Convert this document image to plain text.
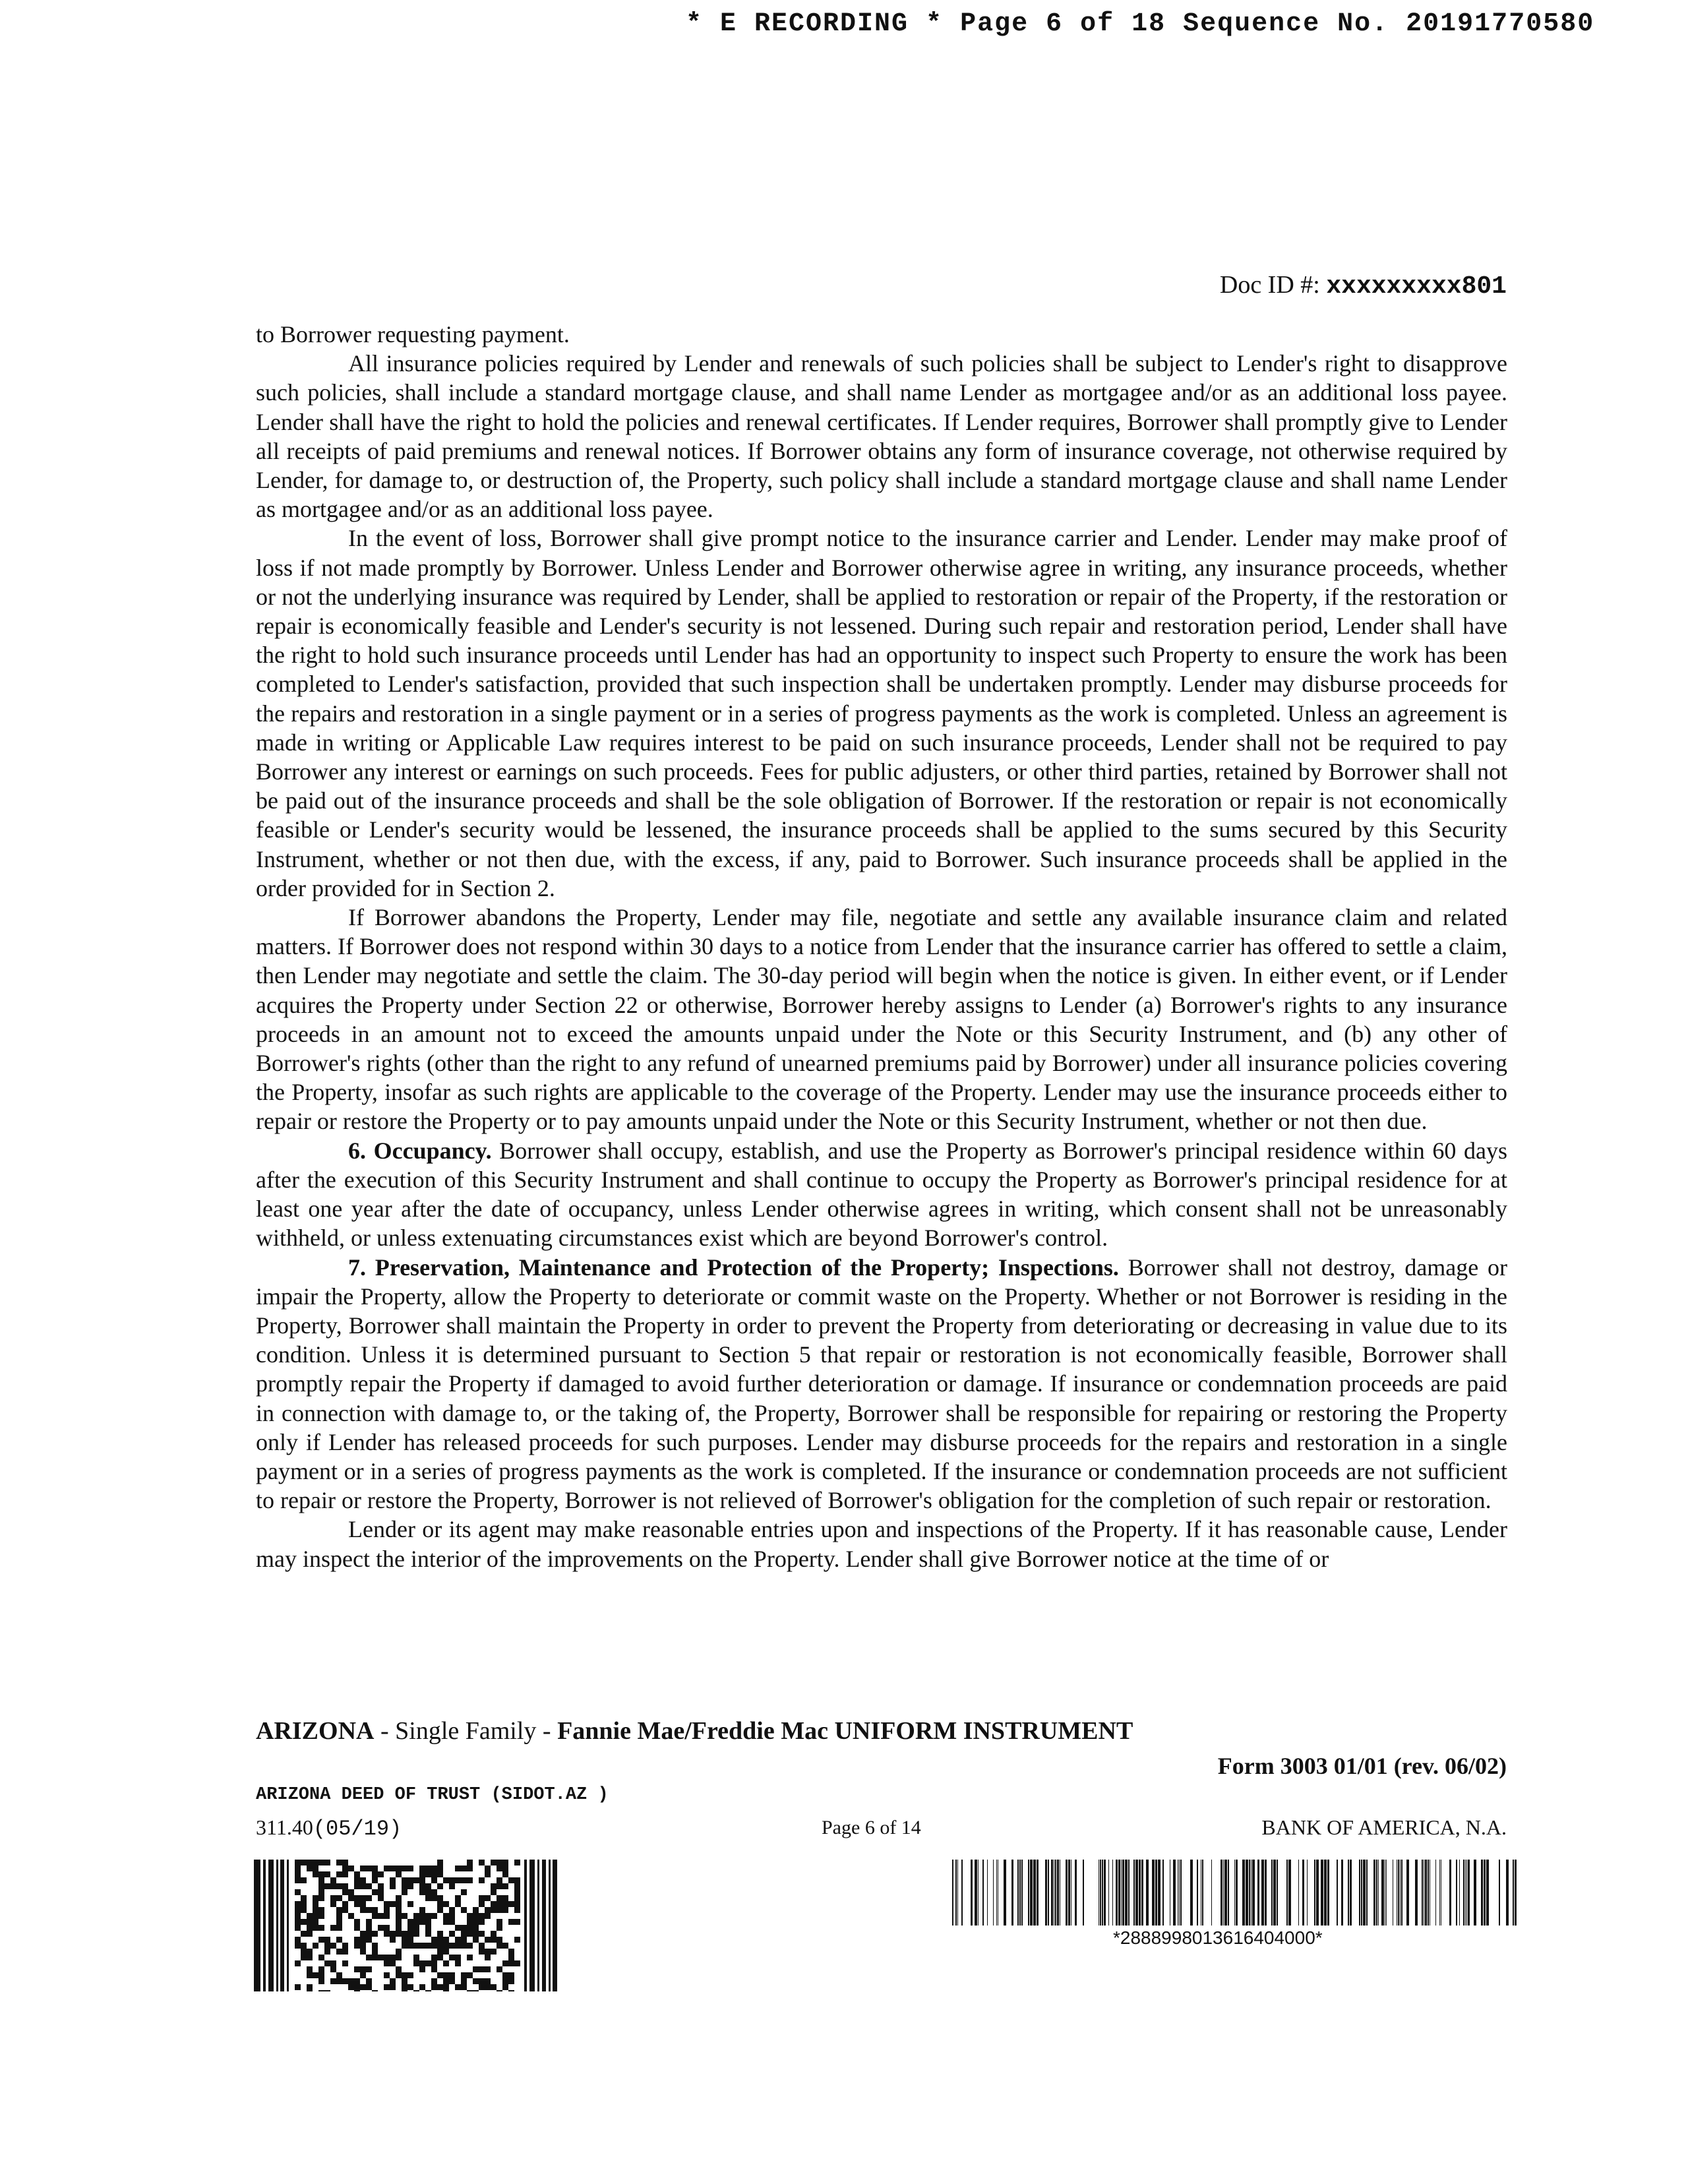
* E RECORDING * Page 6 of 18 Sequence No. 20191770580
Doc ID #: xxxxxxxxx801

to Borrower requesting payment.

All insurance policies required by Lender and renewals of such policies shall be subject to Lender's right to disapprove such policies, shall include a standard mortgage clause, and shall name Lender as mortgagee and/or as an additional loss payee. Lender shall have the right to hold the policies and renewal certificates. If Lender requires, Borrower shall promptly give to Lender all receipts of paid premiums and renewal notices. If Borrower obtains any form of insurance coverage, not otherwise required by Lender, for damage to, or destruction of, the Property, such policy shall include a standard mortgage clause and shall name Lender as mortgagee and/or as an additional loss payee.

In the event of loss, Borrower shall give prompt notice to the insurance carrier and Lender. Lender may make proof of loss if not made promptly by Borrower. Unless Lender and Borrower otherwise agree in writing, any insurance proceeds, whether or not the underlying insurance was required by Lender, shall be applied to restoration or repair of the Property, if the restoration or repair is economically feasible and Lender's security is not lessened. During such repair and restoration period, Lender shall have the right to hold such insurance proceeds until Lender has had an opportunity to inspect such Property to ensure the work has been completed to Lender's satisfaction, provided that such inspection shall be undertaken promptly. Lender may disburse proceeds for the repairs and restoration in a single payment or in a series of progress payments as the work is completed. Unless an agreement is made in writing or Applicable Law requires interest to be paid on such insurance proceeds, Lender shall not be required to pay Borrower any interest or earnings on such proceeds. Fees for public adjusters, or other third parties, retained by Borrower shall not be paid out of the insurance proceeds and shall be the sole obligation of Borrower. If the restoration or repair is not economically feasible or Lender's security would be lessened, the insurance proceeds shall be applied to the sums secured by this Security Instrument, whether or not then due, with the excess, if any, paid to Borrower. Such insurance proceeds shall be applied in the order provided for in Section 2.

If Borrower abandons the Property, Lender may file, negotiate and settle any available insurance claim and related matters. If Borrower does not respond within 30 days to a notice from Lender that the insurance carrier has offered to settle a claim, then Lender may negotiate and settle the claim. The 30-day period will begin when the notice is given. In either event, or if Lender acquires the Property under Section 22 or otherwise, Borrower hereby assigns to Lender (a) Borrower's rights to any insurance proceeds in an amount not to exceed the amounts unpaid under the Note or this Security Instrument, and (b) any other of Borrower's rights (other than the right to any refund of unearned premiums paid by Borrower) under all insurance policies covering the Property, insofar as such rights are applicable to the coverage of the Property. Lender may use the insurance proceeds either to repair or restore the Property or to pay amounts unpaid under the Note or this Security Instrument, whether or not then due.

6. Occupancy. Borrower shall occupy, establish, and use the Property as Borrower's principal residence within 60 days after the execution of this Security Instrument and shall continue to occupy the Property as Borrower's principal residence for at least one year after the date of occupancy, unless Lender otherwise agrees in writing, which consent shall not be unreasonably withheld, or unless extenuating circumstances exist which are beyond Borrower's control.

7. Preservation, Maintenance and Protection of the Property; Inspections. Borrower shall not destroy, damage or impair the Property, allow the Property to deteriorate or commit waste on the Property. Whether or not Borrower is residing in the Property, Borrower shall maintain the Property in order to prevent the Property from deteriorating or decreasing in value due to its condition. Unless it is determined pursuant to Section 5 that repair or restoration is not economically feasible, Borrower shall promptly repair the Property if damaged to avoid further deterioration or damage. If insurance or condemnation proceeds are paid in connection with damage to, or the taking of, the Property, Borrower shall be responsible for repairing or restoring the Property only if Lender has released proceeds for such purposes. Lender may disburse proceeds for the repairs and restoration in a single payment or in a series of progress payments as the work is completed. If the insurance or condemnation proceeds are not sufficient to repair or restore the Property, Borrower is not relieved of Borrower's obligation for the completion of such repair or restoration.

Lender or its agent may make reasonable entries upon and inspections of the Property. If it has reasonable cause, Lender may inspect the interior of the improvements on the Property. Lender shall give Borrower notice at the time of or

ARIZONA - Single Family - Fannie Mae/Freddie Mac UNIFORM INSTRUMENT
Form 3003 01/01 (rev. 06/02)
ARIZONA DEED OF TRUST (SIDOT.AZ )
311.40(05/19)	Page 6 of 14	BANK OF AMERICA, N.A.
*2888998013616404000*
